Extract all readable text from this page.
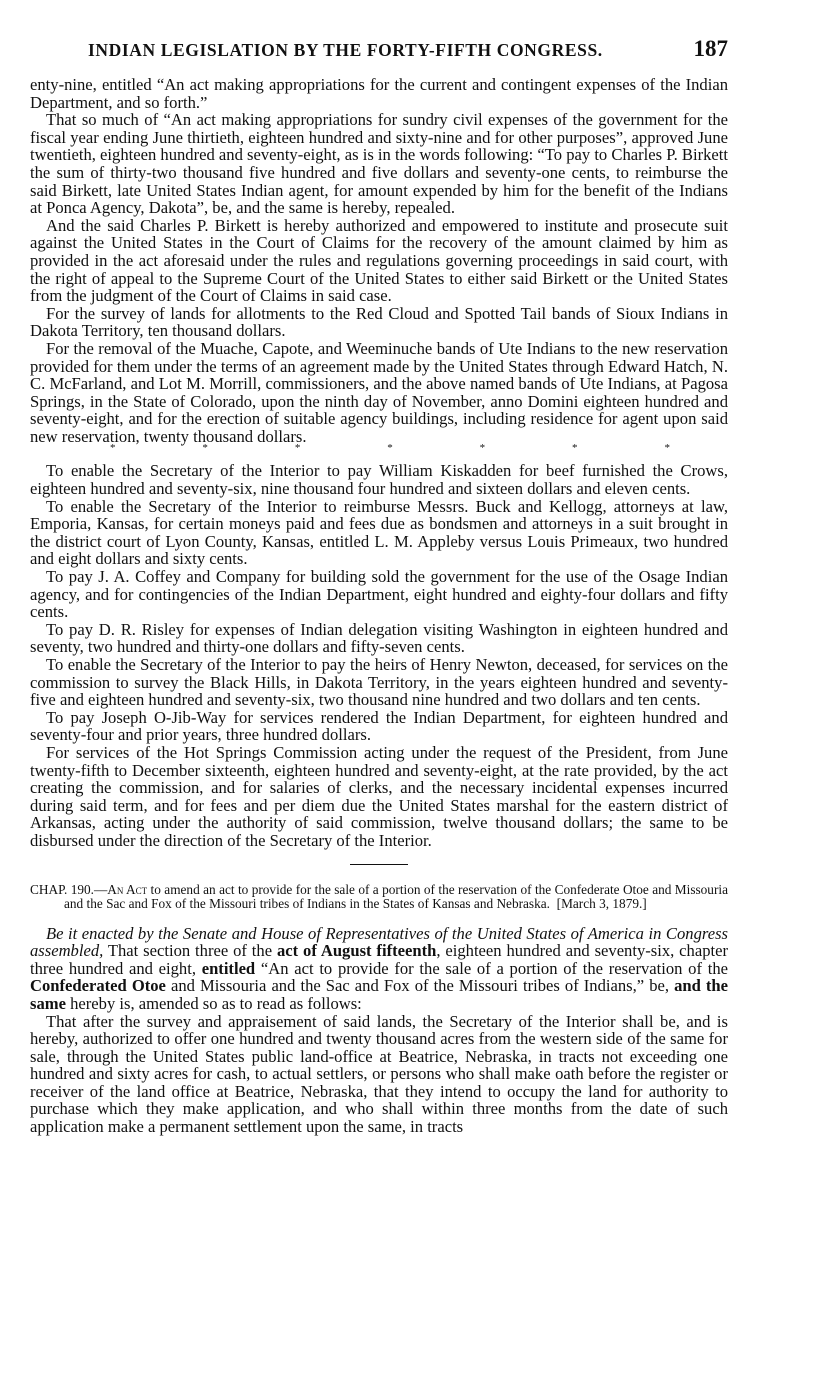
INDIAN LEGISLATION BY THE FORTY-FIFTH CONGRESS.	187

enty-nine, entitled “An act making appropriations for the current and contingent expenses of the Indian Department, and so forth.”

That so much of “An act making appropriations for sundry civil expenses of the government for the fiscal year ending June thirtieth, eighteen hundred and sixty-nine and for other purposes”, approved June twentieth, eighteen hundred and seventy-eight, as is in the words following: “To pay to Charles P. Birkett the sum of thirty-two thousand five hundred and five dollars and seventy-one cents, to reimburse the said Birkett, late United States Indian agent, for amount expended by him for the benefit of the Indians at Ponca Agency, Dakota”, be, and the same is hereby, repealed.

And the said Charles P. Birkett is hereby authorized and empowered to institute and prosecute suit against the United States in the Court of Claims for the recovery of the amount claimed by him as provided in the act aforesaid under the rules and regulations governing proceedings in said court, with the right of appeal to the Supreme Court of the United States to either said Birkett or the United States from the judgment of the Court of Claims in said case.

For the survey of lands for allotments to the Red Cloud and Spotted Tail bands of Sioux Indians in Dakota Territory, ten thousand dollars.

For the removal of the Muache, Capote, and Weeminuche bands of Ute Indians to the new reservation provided for them under the terms of an agreement made by the United States through Edward Hatch, N. C. McFarland, and Lot M. Morrill, commissioners, and the above named bands of Ute Indians, at Pagosa Springs, in the State of Colorado, upon the ninth day of November, anno Domini eighteen hundred and seventy-eight, and for the erection of suitable agency buildings, including residence for agent upon said new reservation, twenty thousand dollars.

*	*	*	*	*	*	*

To enable the Secretary of the Interior to pay William Kiskadden for beef furnished the Crows, eighteen hundred and seventy-six, nine thousand four hundred and sixteen dollars and eleven cents.

To enable the Secretary of the Interior to reimburse Messrs. Buck and Kellogg, attorneys at law, Emporia, Kansas, for certain moneys paid and fees due as bondsmen and attorneys in a suit brought in the district court of Lyon County, Kansas, entitled L. M. Appleby versus Louis Primeaux, two hundred and eight dollars and sixty cents.

To pay J. A. Coffey and Company for building sold the government for the use of the Osage Indian agency, and for contingencies of the Indian Department, eight hundred and eighty-four dollars and fifty cents.

To pay D. R. Risley for expenses of Indian delegation visiting Washington in eighteen hundred and seventy, two hundred and thirty-one dollars and fifty-seven cents.

To enable the Secretary of the Interior to pay the heirs of Henry Newton, deceased, for services on the commission to survey the Black Hills, in Dakota Territory, in the years eighteen hundred and seventy-five and eighteen hundred and seventy-six, two thousand nine hundred and two dollars and ten cents.

To pay Joseph O-Jib-Way for services rendered the Indian Department, for eighteen hundred and seventy-four and prior years, three hundred dollars.

For services of the Hot Springs Commission acting under the request of the President, from June twenty-fifth to December sixteenth, eighteen hundred and seventy-eight, at the rate provided, by the act creating the commission, and for salaries of clerks, and the necessary incidental expenses incurred during said term, and for fees and per diem due the United States marshal for the eastern district of Arkansas, acting under the authority of said commission, twelve thousand dollars; the same to be disbursed under the direction of the Secretary of the Interior.

CHAP. 190.—An Act to amend an act to provide for the sale of a portion of the reservation of the Confederate Otoe and Missouria and the Sac and Fox of the Missouri tribes of Indians in the States of Kansas and Nebraska. [March 3, 1879.]

Be it enacted by the Senate and House of Representatives of the United States of America in Congress assembled, That section three of the act of August fifteenth, eighteen hundred and seventy-six, chapter three hundred and eight, entitled “An act to provide for the sale of a portion of the reservation of the Confederated Otoe and Missouria and the Sac and Fox of the Missouri tribes of Indians,” be, and the same hereby is, amended so as to read as follows:

That after the survey and appraisement of said lands, the Secretary of the Interior shall be, and is hereby, authorized to offer one hundred and twenty thousand acres from the western side of the same for sale, through the United States public land-office at Beatrice, Nebraska, in tracts not exceeding one hundred and sixty acres for cash, to actual settlers, or persons who shall make oath before the register or receiver of the land office at Beatrice, Nebraska, that they intend to occupy the land for authority to purchase which they make application, and who shall within three months from the date of such application make a permanent settlement upon the same, in tracts
